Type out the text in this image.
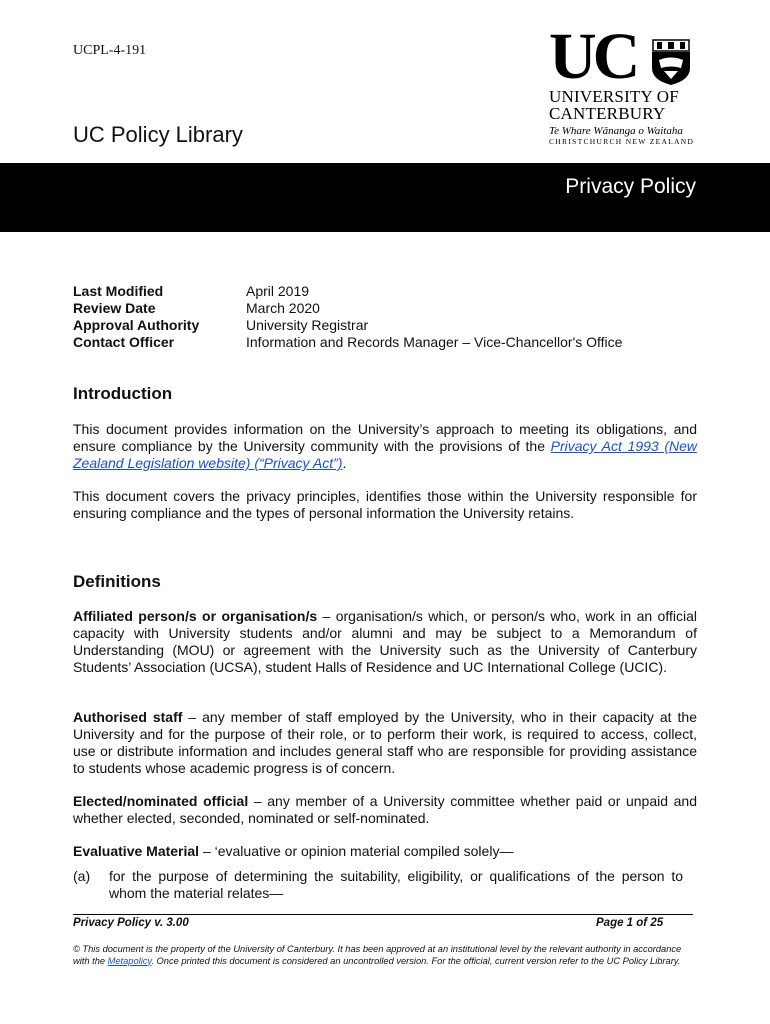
UCPL-4-191	UC
UNIVERSITY OF
CANTERBURY
Te Whare Wānanga o Waitaha
CHRISTCHURCH NEW ZEALAND
UC Policy Library
Privacy Policy
Last Modified	April 2019
Review Date	March 2020
Approval Authority	University Registrar
Contact Officer	Information and Records Manager – Vice-Chancellor's Office
Introduction
This document provides information on the University’s approach to meeting its obligations, and ensure compliance by the University community with the provisions of the Privacy Act 1993 (New Zealand Legislation website) (“Privacy Act”).
This document covers the privacy principles, identifies those within the University responsible for ensuring compliance and the types of personal information the University retains.
Definitions
Affiliated person/s or organisation/s – organisation/s which, or person/s who, work in an official capacity with University students and/or alumni and may be subject to a Memorandum of Understanding (MOU) or agreement with the University such as the University of Canterbury Students’ Association (UCSA), student Halls of Residence and UC International College (UCIC).
Authorised staff – any member of staff employed by the University, who in their capacity at the University and for the purpose of their role, or to perform their work, is required to access, collect, use or distribute information and includes general staff who are responsible for providing assistance to students whose academic progress is of concern.
Elected/nominated official – any member of a University committee whether paid or unpaid and whether elected, seconded, nominated or self-nominated.
Evaluative Material – ‘evaluative or opinion material compiled solely—
(a)	for the purpose of determining the suitability, eligibility, or qualifications of the person to whom the material relates—
Privacy Policy v. 3.00	Page 1 of 25
© This document is the property of the University of Canterbury. It has been approved at an institutional level by the relevant authority in accordance with the Metapolicy. Once printed this document is considered an uncontrolled version. For the official, current version refer to the UC Policy Library.
